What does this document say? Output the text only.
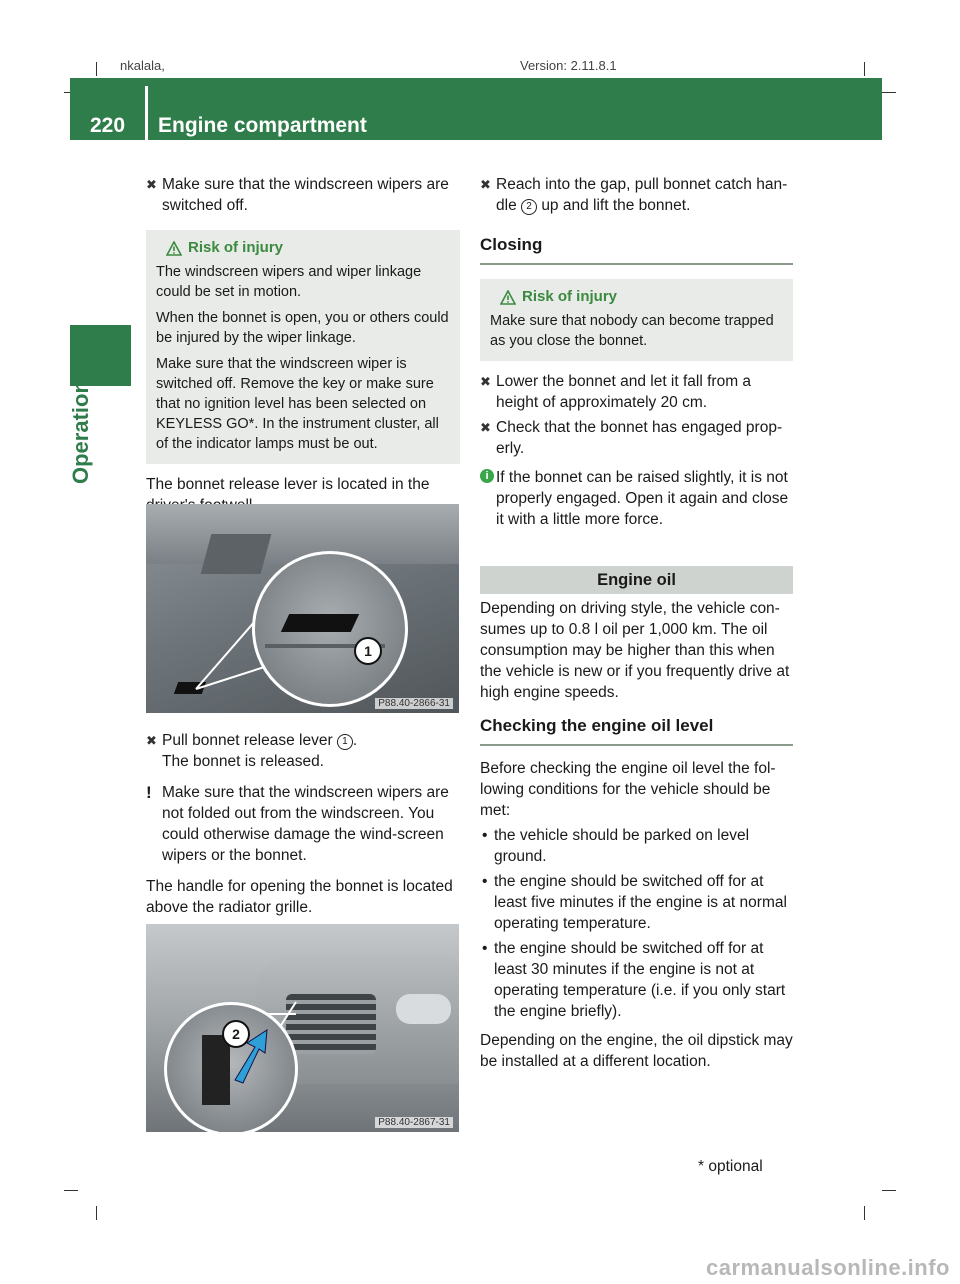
nkalala,	Version: 2.11.8.1
220 Engine compartment
Operation

✖ Make sure that the windscreen wipers are switched off.

Risk of injury

The windscreen wipers and wiper linkage could be set in motion.

When the bonnet is open, you or others could be injured by the wiper linkage.

Make sure that the windscreen wiper is switched off. Remove the key or make sure that no ignition level has been selected on KEYLESS GO*. In the instrument cluster, all of the indicator lamps must be out.

The bonnet release lever is located in the

1
P88.40-2866-31

✖ Pull bonnet release lever 1 .

The bonnet is released.

! Make sure that the windscreen wipers are not folded out from the windscreen. You could otherwise damage the wind-screen wipers or the bonnet.

The handle for opening the bonnet is located above the radiator grille.

2
P88.40-2867-31

✖ Reach into the gap, pull bonnet catch han-dle 2 up and lift the bonnet.

Closing
Risk of injury

Make sure that nobody can become trapped as you close the bonnet.

✖ Lower the bonnet and let it fall from a height of approximately 20 cm.

✖ Check that the bonnet has engaged prop-erly.

i If the bonnet can be raised slightly, it is not properly engaged. Open it again and close it with a little more force.

Engine oil

Depending on driving style, the vehicle con-sumes up to 0.8 l oil per 1,000 km. The oil consumption may be higher than this when the vehicle is new or if you frequently drive at high engine speeds.

Checking the engine oil level

Before checking the engine oil level the fol-lowing conditions for the vehicle should be met:

• the vehicle should be parked on level ground.

• the engine should be switched off for at least five minutes if the engine is at normal operating temperature.

• the engine should be switched off for at least 30 minutes if the engine is not at operating temperature (i.e. if you only start the engine briefly).

Depending on the engine, the oil dipstick may be installed at a different location.

* optional
carmanualsonline.info
